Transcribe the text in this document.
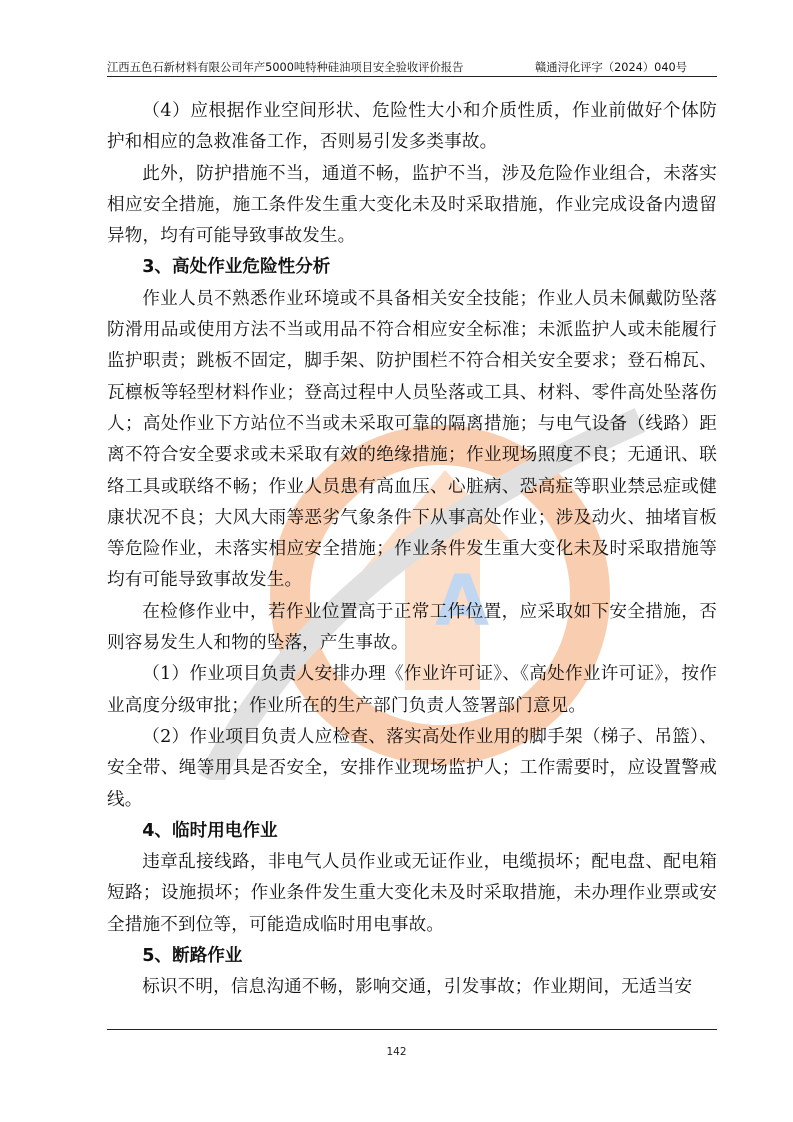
江西五色石新材料有限公司年产5000吨特种硅油项目安全验收评价报告	赣通浔化评字（2024）040号
A

（4）应根据作业空间形状、危险性大小和介质性质，作业前做好个体防护和相应的急救准备工作，否则易引发多类事故。

此外，防护措施不当，通道不畅，监护不当，涉及危险作业组合，未落实相应安全措施，施工条件发生重大变化未及时采取措施，作业完成设备内遗留异物，均有可能导致事故发生。

3、高处作业危险性分析

作业人员不熟悉作业环境或不具备相关安全技能；作业人员未佩戴防坠落防滑用品或使用方法不当或用品不符合相应安全标准；未派监护人或未能履行监护职责；跳板不固定，脚手架、防护围栏不符合相关安全要求；登石棉瓦、瓦檩板等轻型材料作业；登高过程中人员坠落或工具、材料、零件高处坠落伤人；高处作业下方站位不当或未采取可靠的隔离措施；与电气设备（线路）距离不符合安全要求或未采取有效的绝缘措施；作业现场照度不良；无通讯、联络工具或联络不畅；作业人员患有高血压、心脏病、恐高症等职业禁忌症或健康状况不良；大风大雨等恶劣气象条件下从事高处作业；涉及动火、抽堵盲板等危险作业，未落实相应安全措施；作业条件发生重大变化未及时采取措施等均有可能导致事故发生。

在检修作业中，若作业位置高于正常工作位置，应采取如下安全措施，否则容易发生人和物的坠落，产生事故。

（1）作业项目负责人安排办理《作业许可证》、《高处作业许可证》，按作业高度分级审批；作业所在的生产部门负责人签署部门意见。

（2）作业项目负责人应检查、落实高处作业用的脚手架（梯子、吊篮）、安全带、绳等用具是否安全，安排作业现场监护人；工作需要时，应设置警戒线。

4、临时用电作业

违章乱接线路，非电气人员作业或无证作业，电缆损坏；配电盘、配电箱短路；设施损坏；作业条件发生重大变化未及时采取措施，未办理作业票或安全措施不到位等，可能造成临时用电事故。

5、断路作业

标识不明，信息沟通不畅，影响交通，引发事故；作业期间，无适当安

142
